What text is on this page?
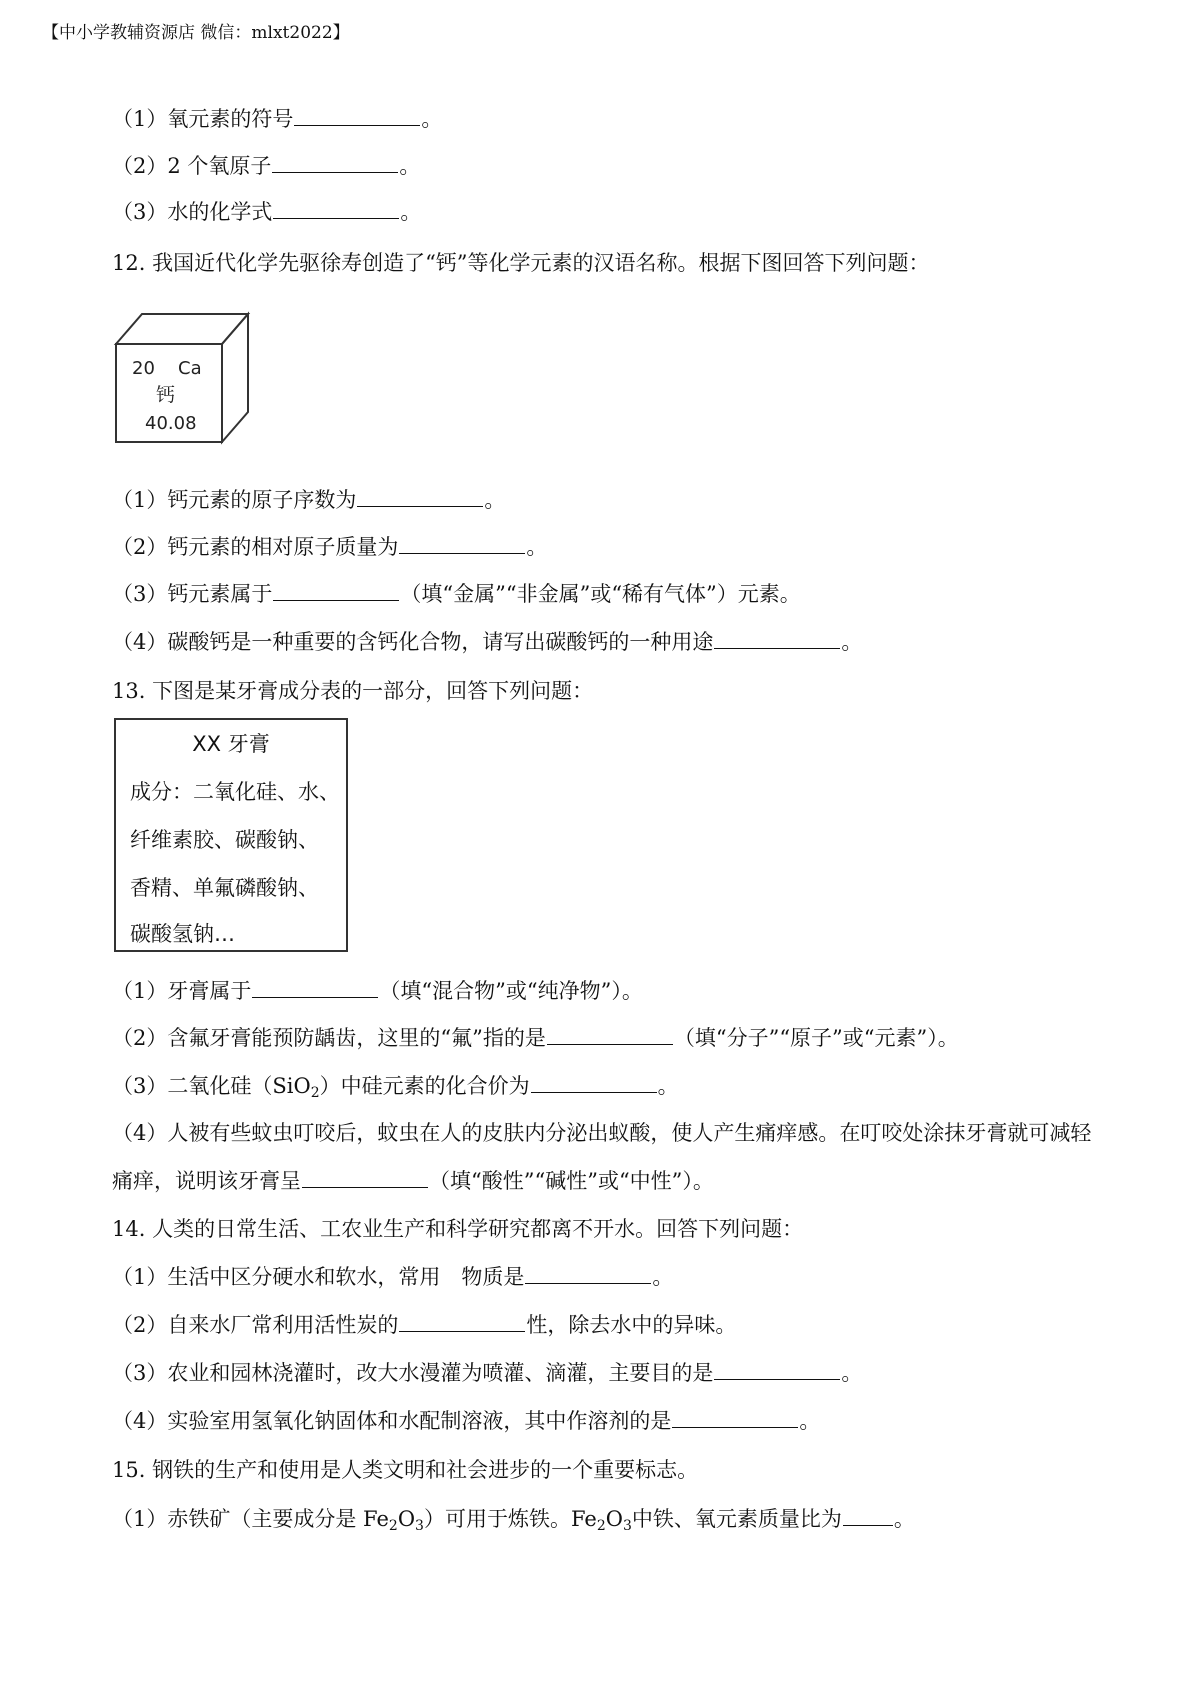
【中小学教辅资源店 微信：mlxt2022】
（1）氧元素的符号	。
（2）2 个氧原子	。
（3）水的化学式	。
12. 我国近代化学先驱徐寿创造了“钙”等化学元素的汉语名称。根据下图回答下列问题：
20 Ca
钙
40.08
（1）钙元素的原子序数为	。
（2）钙元素的相对原子质量为	。
（3）钙元素属于	（填“金属”“非金属”或“稀有气体”）元素。
（4）碳酸钙是一种重要的含钙化合物，请写出碳酸钙的一种用途	。
13. 下图是某牙膏成分表的一部分，回答下列问题：
XX 牙膏
成分：二氧化硅、水、
纤维素胶、碳酸钠、
香精、单氟磷酸钠、
碳酸氢钠…
（1）牙膏属于	（填“混合物”或“纯净物”）。
（2）含氟牙膏能预防龋齿，这里的“氟”指的是	（填“分子”“原子”或“元素”）。
（3）二氧化硅（SiO$_2$）中硅元素的化合价为	。
（4）人被有些蚊虫叮咬后，蚊虫在人的皮肤内分泌出蚁酸，使人产生痛痒感。在叮咬处涂抹牙膏就可减轻
痛痒，说明该牙膏呈	（填“酸性”“碱性”或“中性”）。
14. 人类的日常生活、工农业生产和科学研究都离不开水。回答下列问题：
（1）生活中区分硬水和软水，常用　物质是	。
（2）自来水厂常利用活性炭的	性，除去水中的异味。
（3）农业和园林浇灌时，改大水漫灌为喷灌、滴灌，主要目的是	。
（4）实验室用氢氧化钠固体和水配制溶液，其中作溶剂的是	。
15. 钢铁的生产和使用是人类文明和社会进步的一个重要标志。
（1）赤铁矿（主要成分是 $Fe_2O_3$）可用于炼铁。$Fe_2O_3$中铁、氧元素质量比为 。
